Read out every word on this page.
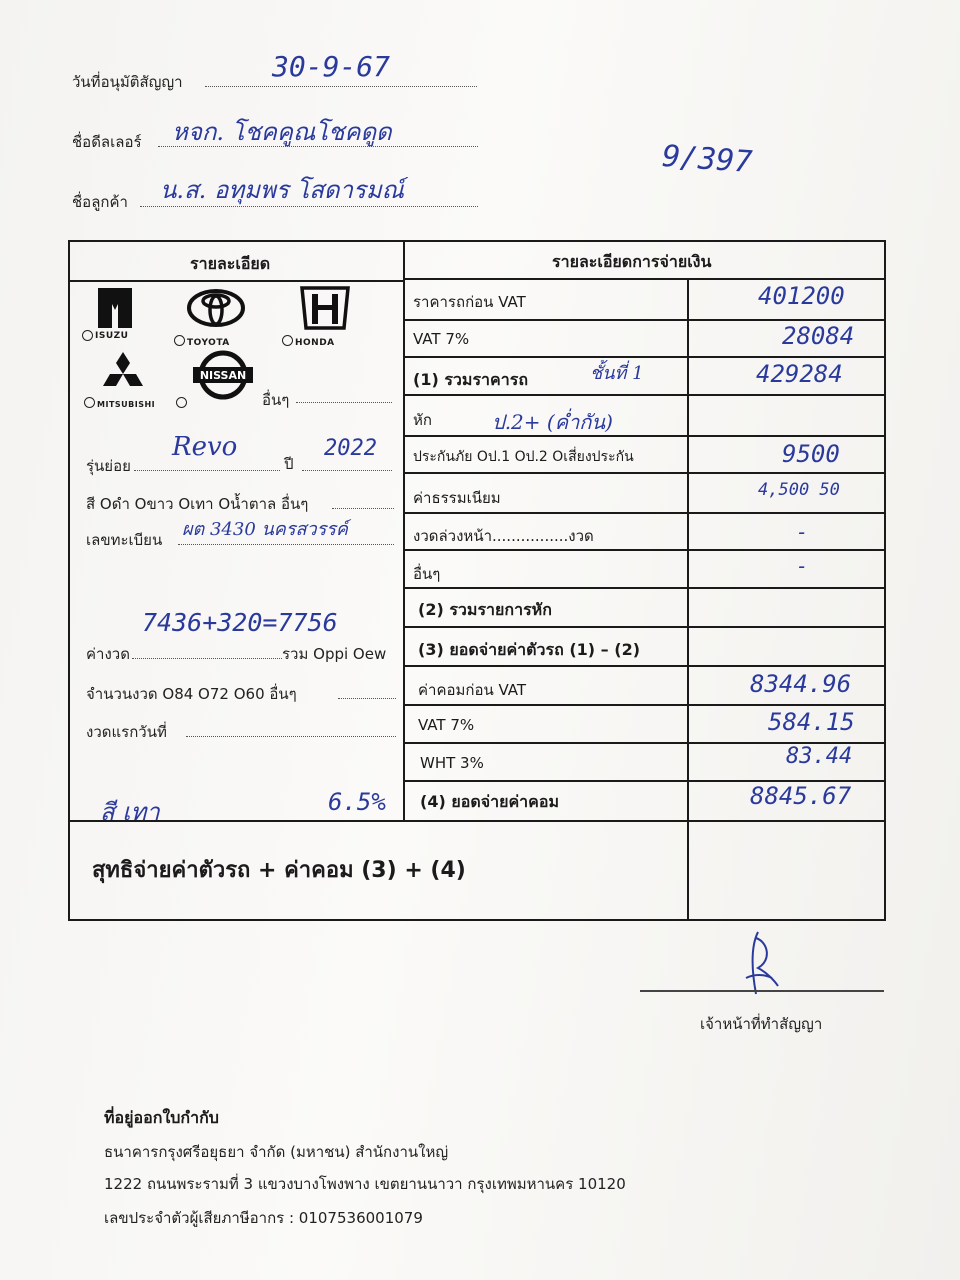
วันที่อนุมัติสัญญา	30-9-67
ชื่อดีลเลอร์ หจก. โชคคูณโชคดูด
ชื่อลูกค้า น.ส. อทุมพร โสดารมณ์
9/397
รายละเอียด	รายละเอียดการจ่ายเงิน
ISUZU
TOYOTA	HONDA
MITSUBISHI
NISSAN
อื่นๆ
รุ่นย่อย
Revo
ปี
2022
สี Oดำ Oขาว Oเทา Oน้ำตาล อื่นๆ
เลขทะเบียน ผต 3430 นครสวรรค์
ค่างวด
7436+320=7756
รวม Oppi Oew
จำนวนงวด O84 O72 O60 อื่นๆ
งวดแรกวันที่
สี เทา	6.5%
ราคารถก่อน VAT	401200
VAT 7%	28084
(1) รวมราคารถ	ชั้นที่ 1	429284
หัก	ป.2+ (ค่ำกัน)
ประกันภัย Oป.1 Oป.2 Oเสี่ยงประกัน	9500
ค่าธรรมเนียม	4,500 50
งวดล่วงหน้า................งวด	-
อื่นๆ	-
(2) รวมรายการหัก
(3) ยอดจ่ายค่าตัวรถ (1) – (2)
ค่าคอมก่อน VAT	8344.96
VAT 7%	584.15
WHT 3%	83.44
(4) ยอดจ่ายค่าคอม	8845.67
สุทธิจ่ายค่าตัวรถ + ค่าคอม (3) + (4)
เจ้าหน้าที่ทำสัญญา
ที่อยู่ออกใบกำกับ
ธนาคารกรุงศรีอยุธยา จำกัด (มหาชน) สำนักงานใหญ่
1222 ถนนพระรามที่ 3 แขวงบางโพงพาง เขตยานนาวา กรุงเทพมหานคร 10120
เลขประจำตัวผู้เสียภาษีอากร : 0107536001079
